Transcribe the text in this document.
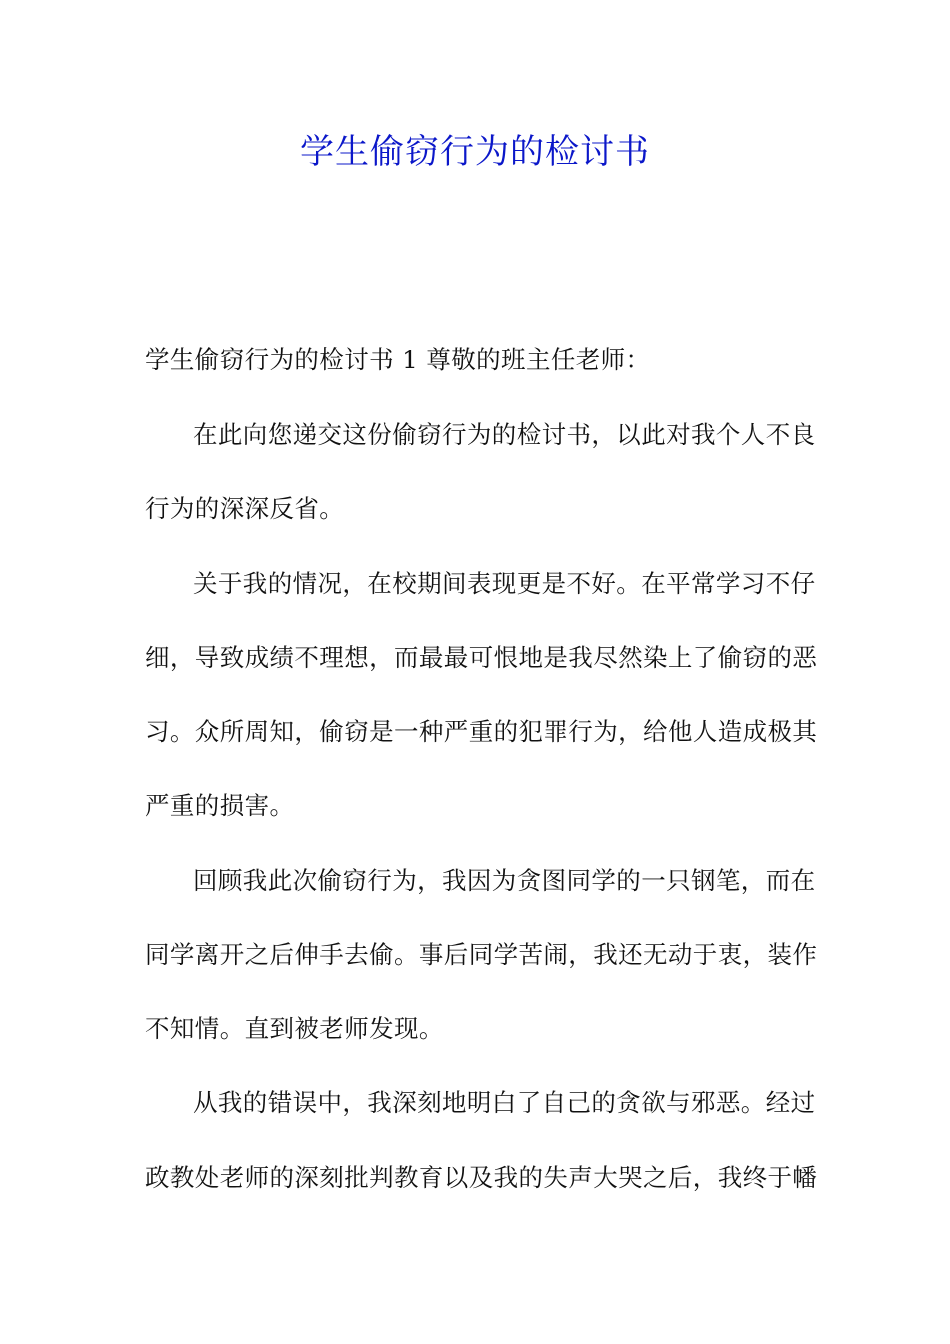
学生偷窃行为的检讨书
学生偷窃行为的检讨书 1 尊敬的班主任老师：
在此向您递交这份偷窃行为的检讨书，以此对我个人不良
行为的深深反省。
关于我的情况，在校期间表现更是不好。在平常学习不仔
细，导致成绩不理想，而最最可恨地是我尽然染上了偷窃的恶
习。众所周知，偷窃是一种严重的犯罪行为，给他人造成极其
严重的损害。
回顾我此次偷窃行为，我因为贪图同学的一只钢笔，而在
同学离开之后伸手去偷。事后同学苦闹，我还无动于衷，装作
不知情。直到被老师发现。
从我的错误中，我深刻地明白了自己的贪欲与邪恶。经过
政教处老师的深刻批判教育以及我的失声大哭之后，我终于幡
